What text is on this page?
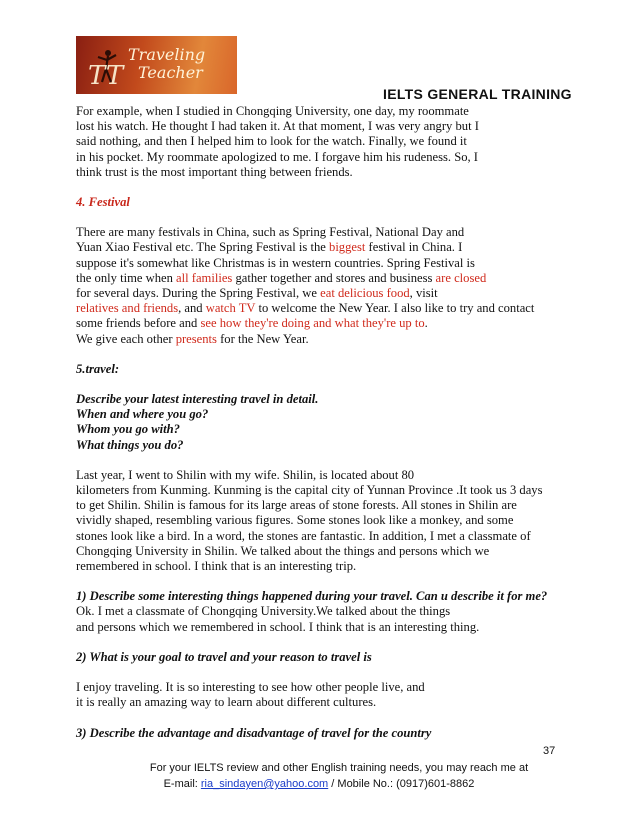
TT
Traveling
Teacher
IELTS GENERAL TRAINING

For example, when I studied in Chongqing University, one day, my roommate

lost his watch. He thought I had taken it. At that moment, I was very angry but I

said nothing, and then I helped him to look for the watch. Finally, we found it

in his pocket. My roommate apologized to me. I forgave him his rudeness. So, I

think trust is the most important thing between friends.

4. Festival

There are many festivals in China, such as Spring Festival, National Day and

Yuan Xiao Festival etc. The Spring Festival is the biggest festival in China. I

suppose it's somewhat like Christmas is in western countries. Spring Festival is

the only time when all families gather together and stores and business are closed

for several days. During the Spring Festival, we eat delicious food, visit

relatives and friends, and watch TV to welcome the New Year. I also like to try and contact

some friends before and see how they're doing and what they're up to.

We give each other presents for the New Year.

5.travel:

Describe your latest interesting travel in detail.

When and where you go?

Whom you go with?

What things you do?

Last year, I went to Shilin with my wife. Shilin, is located about 80

kilometers from Kunming. Kunming is the capital city of Yunnan Province .It took us 3 days

to get Shilin. Shilin is famous for its large areas of stone forests. All stones in Shilin are

vividly shaped, resembling various figures. Some stones look like a monkey, and some

stones look like a bird. In a word, the stones are fantastic. In addition, I met a classmate of

Chongqing University in Shilin. We talked about the things and persons which we

remembered in school. I think that is an interesting trip.

1) Describe some interesting things happened during your travel. Can u describe it for me?

Ok. I met a classmate of Chongqing University.We talked about the things

and persons which we remembered in school. I think that is an interesting thing.

2) What is your goal to travel and your reason to travel is

I enjoy traveling. It is so interesting to see how other people live, and

it is really an amazing way to learn about different cultures.

3) Describe the advantage and disadvantage of travel for the country

37
For your IELTS review and other English training needs, you may reach me at
E-mail: ria_sindayen@yahoo.com / Mobile No.: (0917)601-8862
